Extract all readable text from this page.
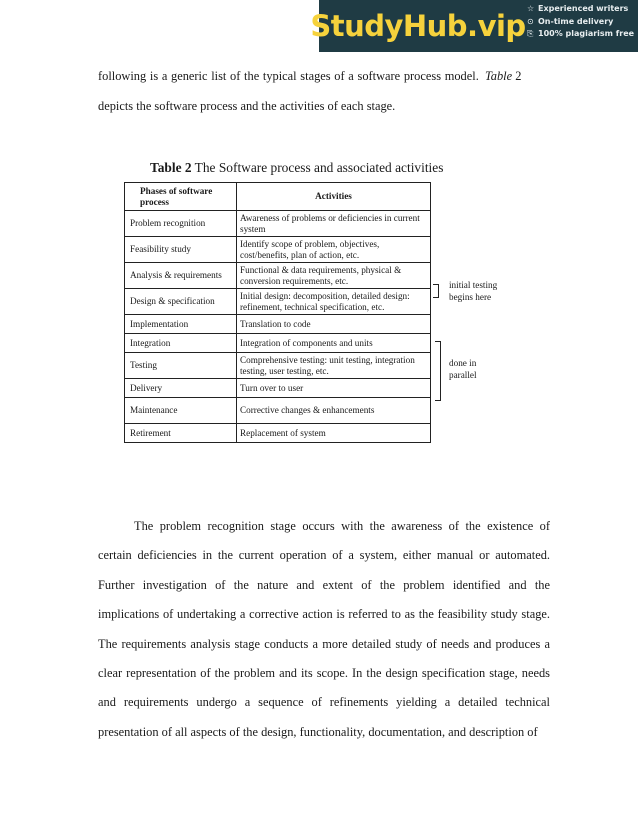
StudyHub.vip
☆ Experienced writers
⊙ On-time delivery
⎘ 100% plagiarism free
following is a generic list of the typical stages of a software process model. Table 2
depicts the software process and the activities of each stage.
Table 2 The Software process and associated activities
Phases of software process	Activities
Problem recognition	Awareness of problems or deficiencies in current system
Feasibility study	Identify scope of problem, objectives, cost/benefits, plan of action, etc.
Analysis & requirements	Functional & data requirements, physical & conversion requirements, etc.
Design & specification	Initial design: decomposition, detailed design: refinement, technical specification, etc.
Implementation	Translation to code
Integration	Integration of components and units
Testing	Comprehensive testing: unit testing, integration testing, user testing, etc.
Delivery	Turn over to user
Maintenance	Corrective changes & enhancements
Retirement	Replacement of system
initial testing begins here
done in parallel

The problem recognition stage occurs with the awareness of the existence of

certain deficiencies in the current operation of a system, either manual or automated.

Further investigation of the nature and extent of the problem identified and the

implications of undertaking a corrective action is referred to as the feasibility study stage.

The requirements analysis stage conducts a more detailed study of needs and produces a

clear representation of the problem and its scope. In the design specification stage, needs

and requirements undergo a sequence of refinements yielding a detailed technical

presentation of all aspects of the design, functionality, documentation, and description of
